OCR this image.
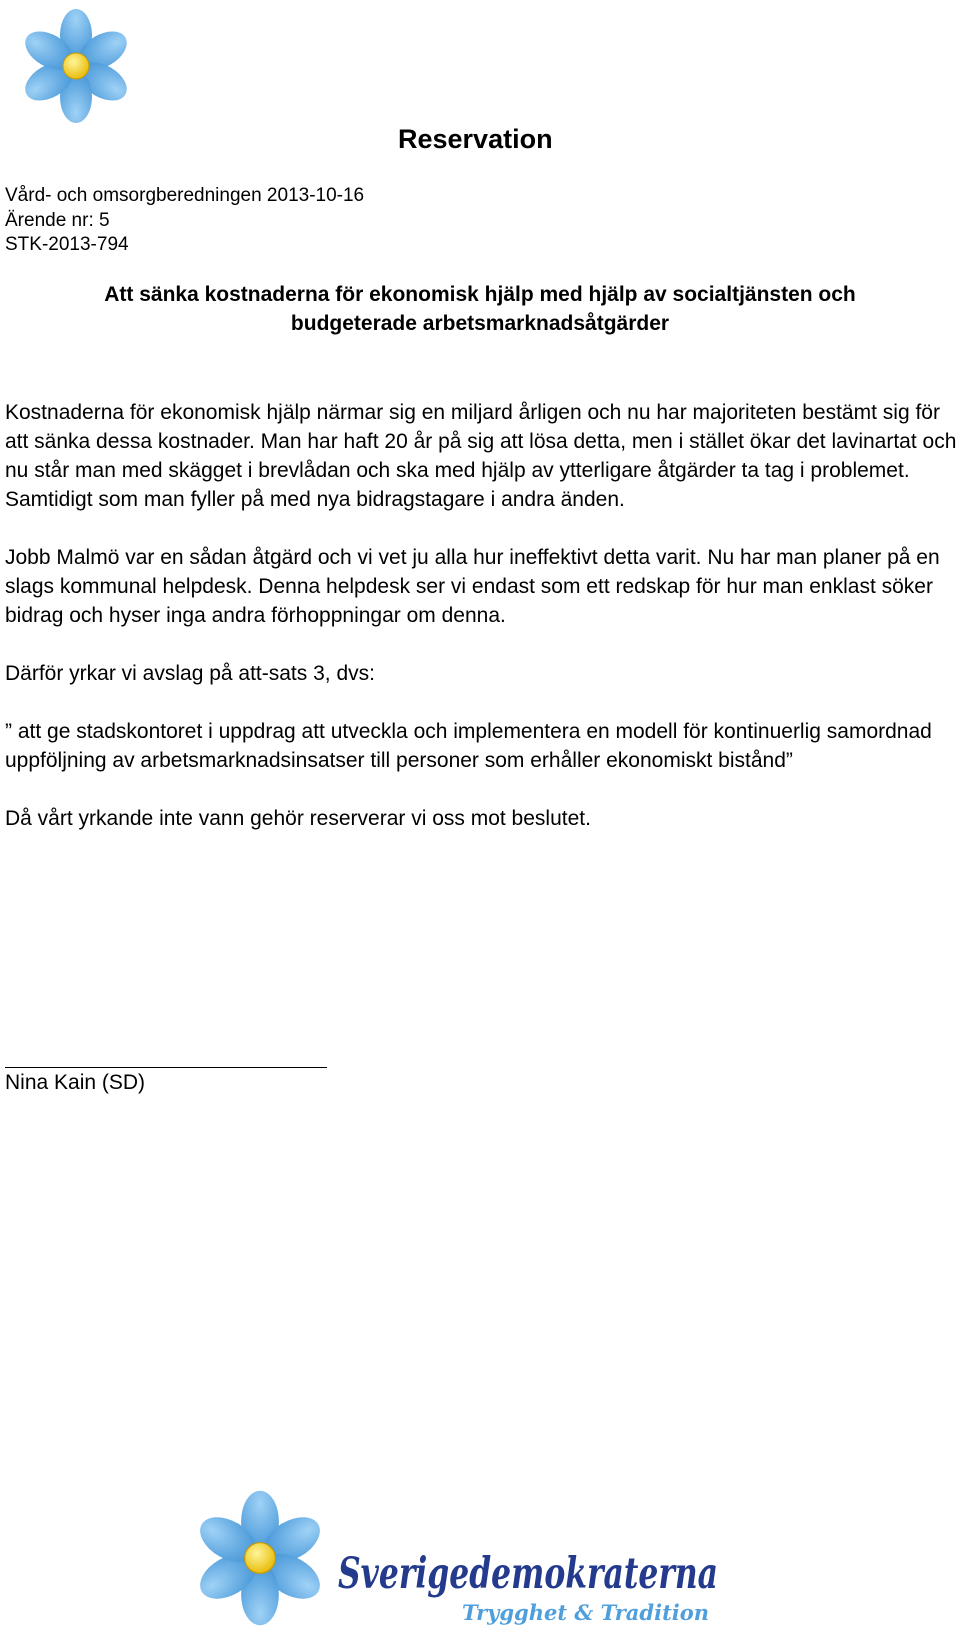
Reservation
Vård- och omsorgberedningen 2013-10-16
Ärende nr: 5
STK-2013-794
Att sänka kostnaderna för ekonomisk hjälp med hjälp av socialtjänsten och
budgeterade arbetsmarknadsåtgärder

Kostnaderna för ekonomisk hjälp närmar sig en miljard årligen och nu har majoriteten bestämt sig för att sänka dessa kostnader. Man har haft 20 år på sig att lösa detta, men i stället ökar det lavinartat och nu står man med skägget i brevlådan och ska med hjälp av ytterligare åtgärder ta tag i problemet. Samtidigt som man fyller på med nya bidragstagare i andra änden.

Jobb Malmö var en sådan åtgärd och vi vet ju alla hur ineffektivt detta varit. Nu har man planer på en slags kommunal helpdesk. Denna helpdesk ser vi endast som ett redskap för hur man enklast söker bidrag och hyser inga andra förhoppningar om denna.

Därför yrkar vi avslag på att-sats 3, dvs:

” att ge stadskontoret i uppdrag att utveckla och implementera en modell för kontinuerlig samordnad uppföljning av arbetsmarknadsinsatser till personer som erhåller ekonomiskt bistånd”

Då vårt yrkande inte vann gehör reserverar vi oss mot beslutet.

Nina Kain (SD)
Sverigedemokraterna
Trygghet & Tradition
